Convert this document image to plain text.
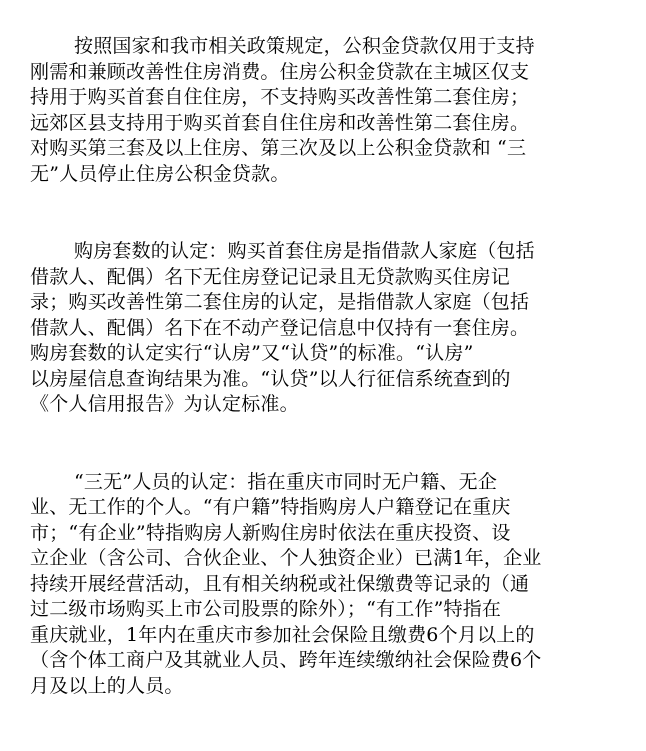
按照国家和我市相关政策规定，公积金贷款仅用于支持
刚需和兼顾改善性住房消费。住房公积金贷款在主城区仅支
持用于购买首套自住住房，不支持购买改善性第二套住房；
远郊区县支持用于购买首套自住住房和改善性第二套住房。
对购买第三套及以上住房、第三次及以上公积金贷款和 “三
无”人员停止住房公积金贷款。

购房套数的认定：购买首套住房是指借款人家庭（包括
借款人、配偶）名下无住房登记记录且无贷款购买住房记
录；购买改善性第二套住房的认定，是指借款人家庭（包括
借款人、配偶）名下在不动产登记信息中仅持有一套住房。
购房套数的认定实行“认房”又“认贷”的标准。“认房”
以房屋信息查询结果为准。“认贷”以人行征信系统查到的
《个人信用报告》为认定标准。

“三无”人员的认定：指在重庆市同时无户籍、无企
业、无工作的个人。“有户籍”特指购房人户籍登记在重庆
市；“有企业”特指购房人新购住房时依法在重庆投资、设
立企业（含公司、合伙企业、个人独资企业）已满1年，企业
持续开展经营活动，且有相关纳税或社保缴费等记录的（通
过二级市场购买上市公司股票的除外）；“有工作”特指在
重庆就业，1年内在重庆市参加社会保险且缴费6个月以上的
（含个体工商户及其就业人员、跨年连续缴纳社会保险费6个
月及以上的人员。
